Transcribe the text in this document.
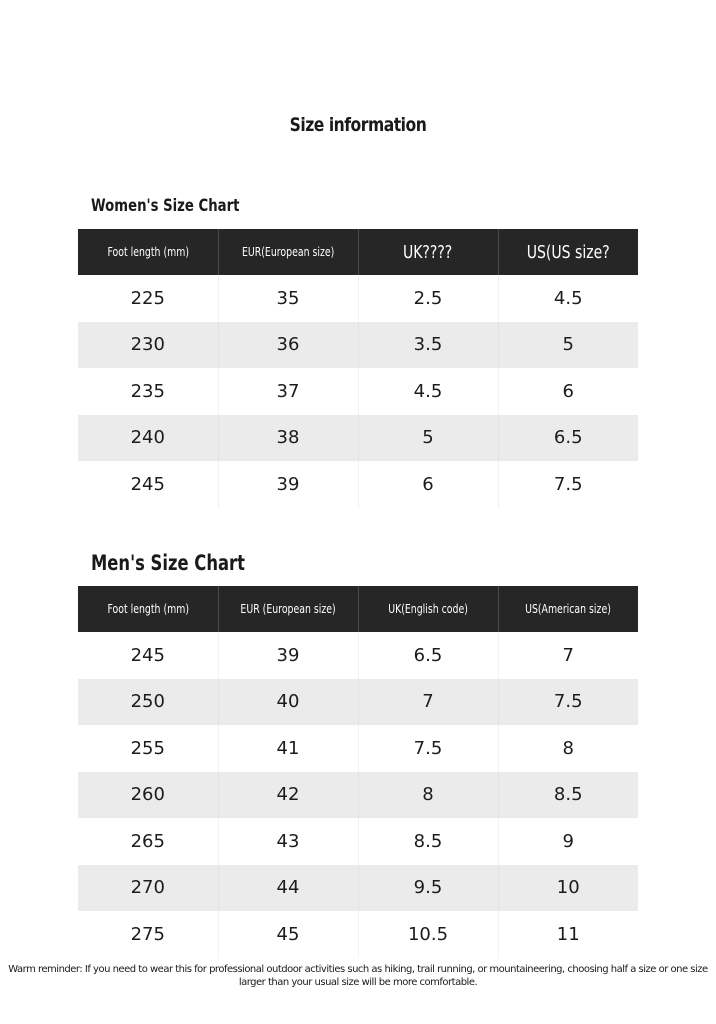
Size information
Women's Size Chart
Foot length (mm)	EUR(European size)	UK????	US(US size?
225	35	2.5	4.5
230	36	3.5	5
235	37	4.5	6
240	38	5	6.5
245	39	6	7.5
Men's Size Chart
Foot length (mm)	EUR (European size)	UK(English code)	US(American size)
245	39	6.5	7
250	40	7	7.5
255	41	7.5	8
260	42	8	8.5
265	43	8.5	9
270	44	9.5	10
275	45	10.5	11
Warm reminder: If you need to wear this for professional outdoor activities such as hiking, trail running, or mountaineering, choosing half a size or one size larger than your usual size will be more comfortable.
